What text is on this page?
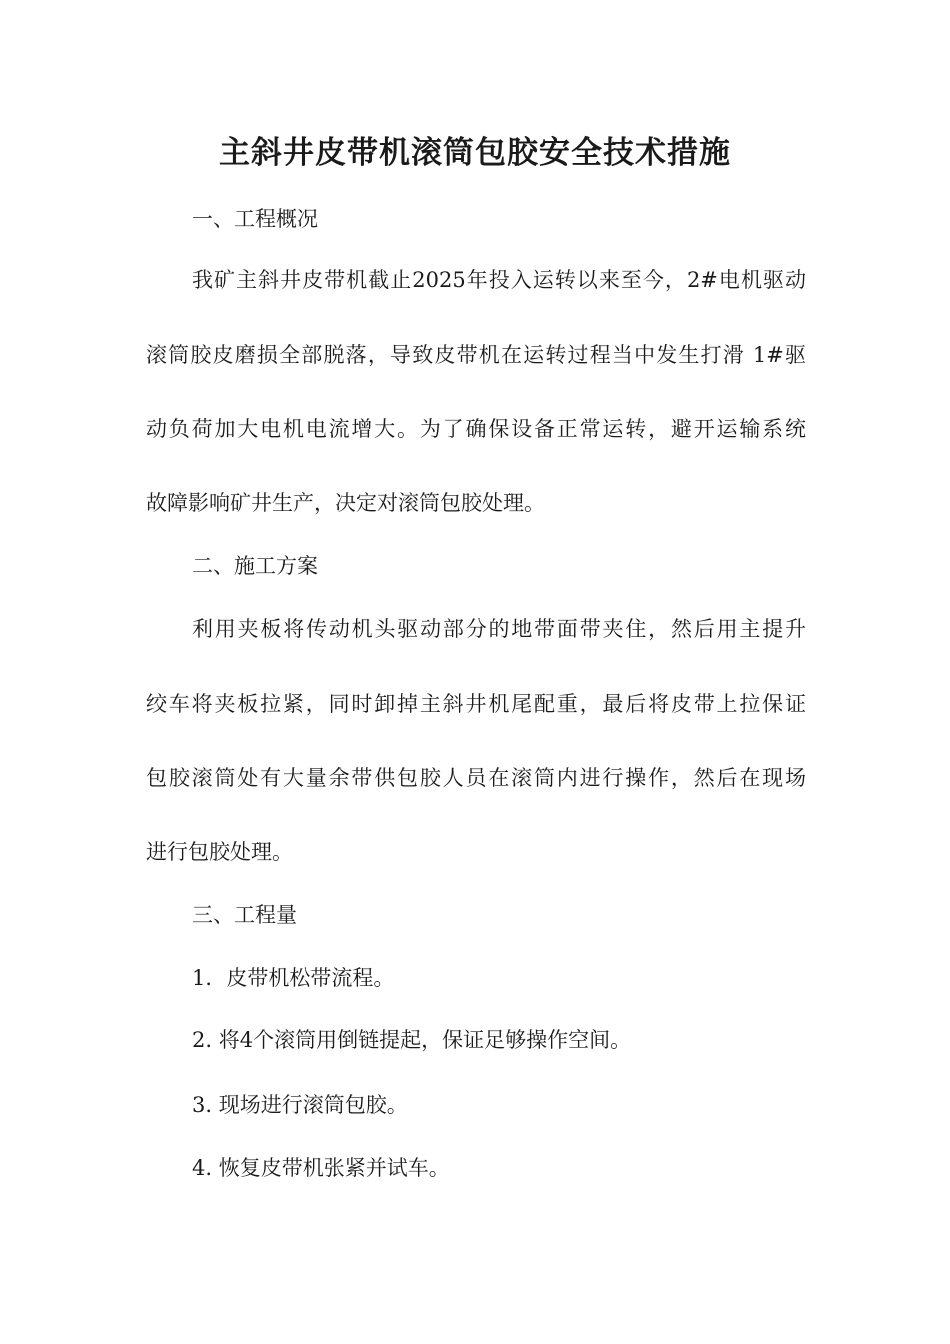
主斜井皮带机滚筒包胶安全技术措施
一、工程概况
我矿主斜井皮带机截止2025年投入运转以来至今，2#电机驱动
滚筒胶皮磨损全部脱落，导致皮带机在运转过程当中发生打滑 1#驱
动负荷加大电机电流增大。为了确保设备正常运转，避开运输系统
故障影响矿井生产，决定对滚筒包胶处理。
二、施工方案
利用夹板将传动机头驱动部分的地带面带夹住，然后用主提升
绞车将夹板拉紧，同时卸掉主斜井机尾配重，最后将皮带上拉保证
包胶滚筒处有大量余带供包胶人员在滚筒内进行操作，然后在现场
进行包胶处理。
三、工程量
1．皮带机松带流程。
2. 将4个滚筒用倒链提起，保证足够操作空间。
3. 现场进行滚筒包胶。
4. 恢复皮带机张紧并试车。
